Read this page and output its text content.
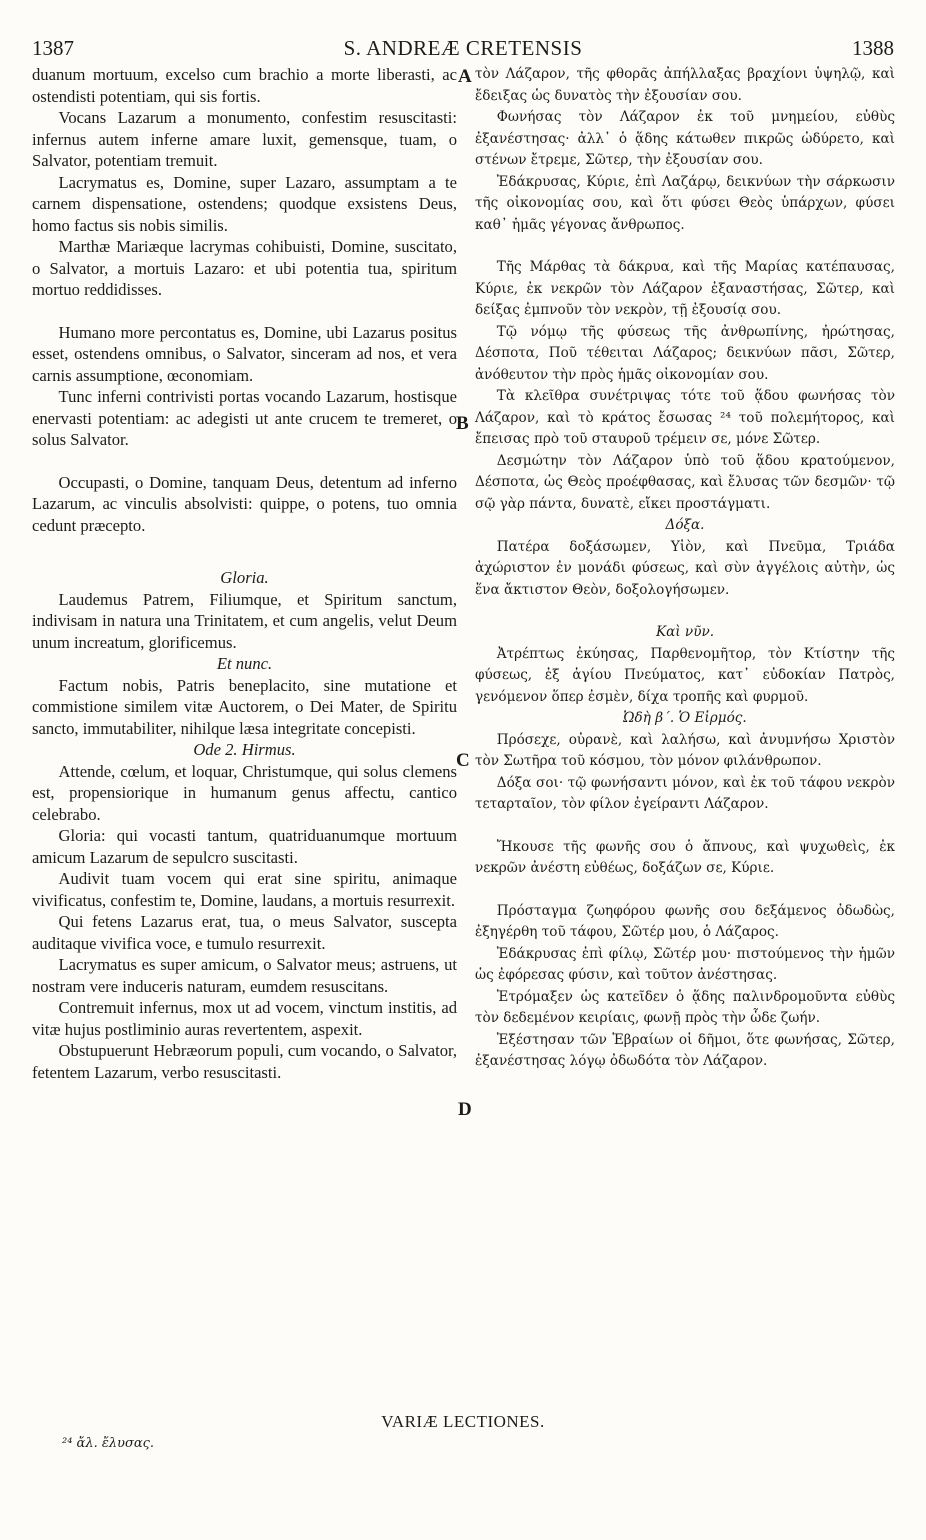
1387	S. ANDREÆ CRETENSIS	1388

duanum mortuum, excelso cum brachio a morte liberasti, ac ostendisti potentiam, qui sis fortis.

Vocans Lazarum a monumento, confestim resuscitasti: infernus autem inferne amare luxit, gemensque, tuam, o Salvator, potentiam tremuit.

Lacrymatus es, Domine, super Lazaro, assumptam a te carnem dispensatione, ostendens; quodque exsistens Deus, homo factus sis nobis similis.

Marthæ Mariæque lacrymas cohibuisti, Domine, suscitato, o Salvator, a mortuis Lazaro: et ubi potentia tua, spiritum mortuo reddidisses.

Humano more percontatus es, Domine, ubi Lazarus positus esset, ostendens omnibus, o Salvator, sinceram ad nos, et vera carnis assumptione, œconomiam.

Tunc inferni contrivisti portas vocando Lazarum, hostisque enervasti potentiam: ac adegisti ut ante crucem te tremeret, o solus Salvator.

Occupasti, o Domine, tanquam Deus, detentum ad inferno Lazarum, ac vinculis absolvisti: quippe, o potens, tuo omnia cedunt præcepto.

Gloria.

Laudemus Patrem, Filiumque, et Spiritum sanctum, indivisam in natura una Trinitatem, et cum angelis, velut Deum unum increatum, glorificemus.

Et nunc.

Factum nobis, Patris beneplacito, sine mutatione et commistione similem vitæ Auctorem, o Dei Mater, de Spiritu sancto, immutabiliter, nihilque læsa integritate concepisti.

Ode 2. Hirmus.

Attende, cœlum, et loquar, Christumque, qui solus clemens est, propensiorique in humanum genus affectu, cantico celebrabo.

Gloria: qui vocasti tantum, quatriduanumque mortuum amicum Lazarum de sepulcro suscitasti.

Audivit tuam vocem qui erat sine spiritu, animaque vivificatus, confestim te, Domine, laudans, a mortuis resurrexit.

Qui fetens Lazarus erat, tua, o meus Salvator, suscepta auditaque vivifica voce, e tumulo resurrexit.

Lacrymatus es super amicum, o Salvator meus; astruens, ut nostram vere induceris naturam, eumdem resuscitans.

Contremuit infernus, mox ut ad vocem, vinctum institis, ad vitæ hujus postliminio auras revertentem, aspexit.

Obstupuerunt Hebræorum populi, cum vocando, o Salvator, fetentem Lazarum, verbo resuscitasti.

τὸν Λάζαρον, τῆς φθορᾶς ἀπήλλαξας βραχίονι ὑψηλῷ, καὶ ἔδειξας ὡς δυνατὸς τὴν ἐξουσίαν σου.

Φωνήσας τὸν Λάζαρον ἐκ τοῦ μνημείου, εὐθὺς ἐξανέστησας· ἀλλ᾽ ὁ ᾅδης κάτωθεν πικρῶς ὠδύρετο, καὶ στένων ἔτρεμε, Σῶτερ, τὴν ἐξουσίαν σου.

Ἐδάκρυσας, Κύριε, ἐπὶ Λαζάρῳ, δεικνύων τὴν σάρκωσιν τῆς οἰκονομίας σου, καὶ ὅτι φύσει Θεὸς ὑπάρχων, φύσει καθ᾽ ἡμᾶς γέγονας ἄνθρωπος.

Τῆς Μάρθας τὰ δάκρυα, καὶ τῆς Μαρίας κατέπαυσας, Κύριε, ἐκ νεκρῶν τὸν Λάζαρον ἐξαναστήσας, Σῶτερ, καὶ δείξας ἐμπνοῦν τὸν νεκρὸν, τῇ ἐξουσίᾳ σου.

Τῷ νόμῳ τῆς φύσεως τῆς ἀνθρωπίνης, ἠρώτησας, Δέσποτα, Ποῦ τέθειται Λάζαρος; δεικνύων πᾶσι, Σῶτερ, ἀνόθευτον τὴν πρὸς ἡμᾶς οἰκονομίαν σου.

Τὰ κλεῖθρα συνέτριψας τότε τοῦ ᾅδου φωνήσας τὸν Λάζαρον, καὶ τὸ κράτος ἔσωσας ²⁴ τοῦ πολεμήτορος, καὶ ἔπεισας πρὸ τοῦ σταυροῦ τρέμειν σε, μόνε Σῶτερ.

Δεσμώτην τὸν Λάζαρον ὑπὸ τοῦ ᾅδου κρατούμενον, Δέσποτα, ὡς Θεὸς προέφθασας, καὶ ἔλυσας τῶν δεσμῶν· τῷ σῷ γὰρ πάντα, δυνατὲ, εἴκει προστάγματι.

Δόξα.

Πατέρα δοξάσωμεν, Υἱὸν, καὶ Πνεῦμα, Τριάδα ἀχώριστον ἐν μονάδι φύσεως, καὶ σὺν ἀγγέλοις αὐτὴν, ὡς ἕνα ἄκτιστον Θεὸν, δοξολογήσωμεν.

Καὶ νῦν.

Ἀτρέπτως ἐκύησας, Παρθενομῆτορ, τὸν Κτίστην τῆς φύσεως, ἐξ ἁγίου Πνεύματος, κατ᾽ εὐδοκίαν Πατρὸς, γενόμενον ὅπερ ἐσμὲν, δίχα τροπῆς καὶ φυρμοῦ.

Ὠδὴ β΄. Ὁ Εἱρμός.

Πρόσεχε, οὐρανὲ, καὶ λαλήσω, καὶ ἀνυμνήσω Χριστὸν τὸν Σωτῆρα τοῦ κόσμου, τὸν μόνον φιλάνθρωπον.

Δόξα σοι· τῷ φωνήσαντι μόνον, καὶ ἐκ τοῦ τάφου νεκρὸν τεταρταῖον, τὸν φίλον ἐγείραντι Λάζαρον.

Ἤκουσε τῆς φωνῆς σου ὁ ἄπνους, καὶ ψυχωθεὶς, ἐκ νεκρῶν ἀνέστη εὐθέως, δοξάζων σε, Κύριε.

Πρόσταγμα ζωηφόρου φωνῆς σου δεξάμενος ὀδωδὼς, ἐξηγέρθη τοῦ τάφου, Σῶτέρ μου, ὁ Λάζαρος.

Ἐδάκρυσας ἐπὶ φίλῳ, Σῶτέρ μου· πιστούμενος τὴν ἡμῶν ὡς ἐφόρεσας φύσιν, καὶ τοῦτον ἀνέστησας.

Ἐτρόμαξεν ὡς κατεῖδεν ὁ ᾅδης παλινδρομοῦντα εὐθὺς τὸν δεδεμένον κειρίαις, φωνῇ πρὸς τὴν ὧδε ζωήν.

Ἐξέστησαν τῶν Ἑβραίων οἱ δῆμοι, ὅτε φωνήσας, Σῶτερ, ἐξανέστησας λόγῳ ὀδωδότα τὸν Λάζαρον.

A
B
C
D
VARIÆ LECTIONES.
²⁴ ἄλ. ἔλυσας.
